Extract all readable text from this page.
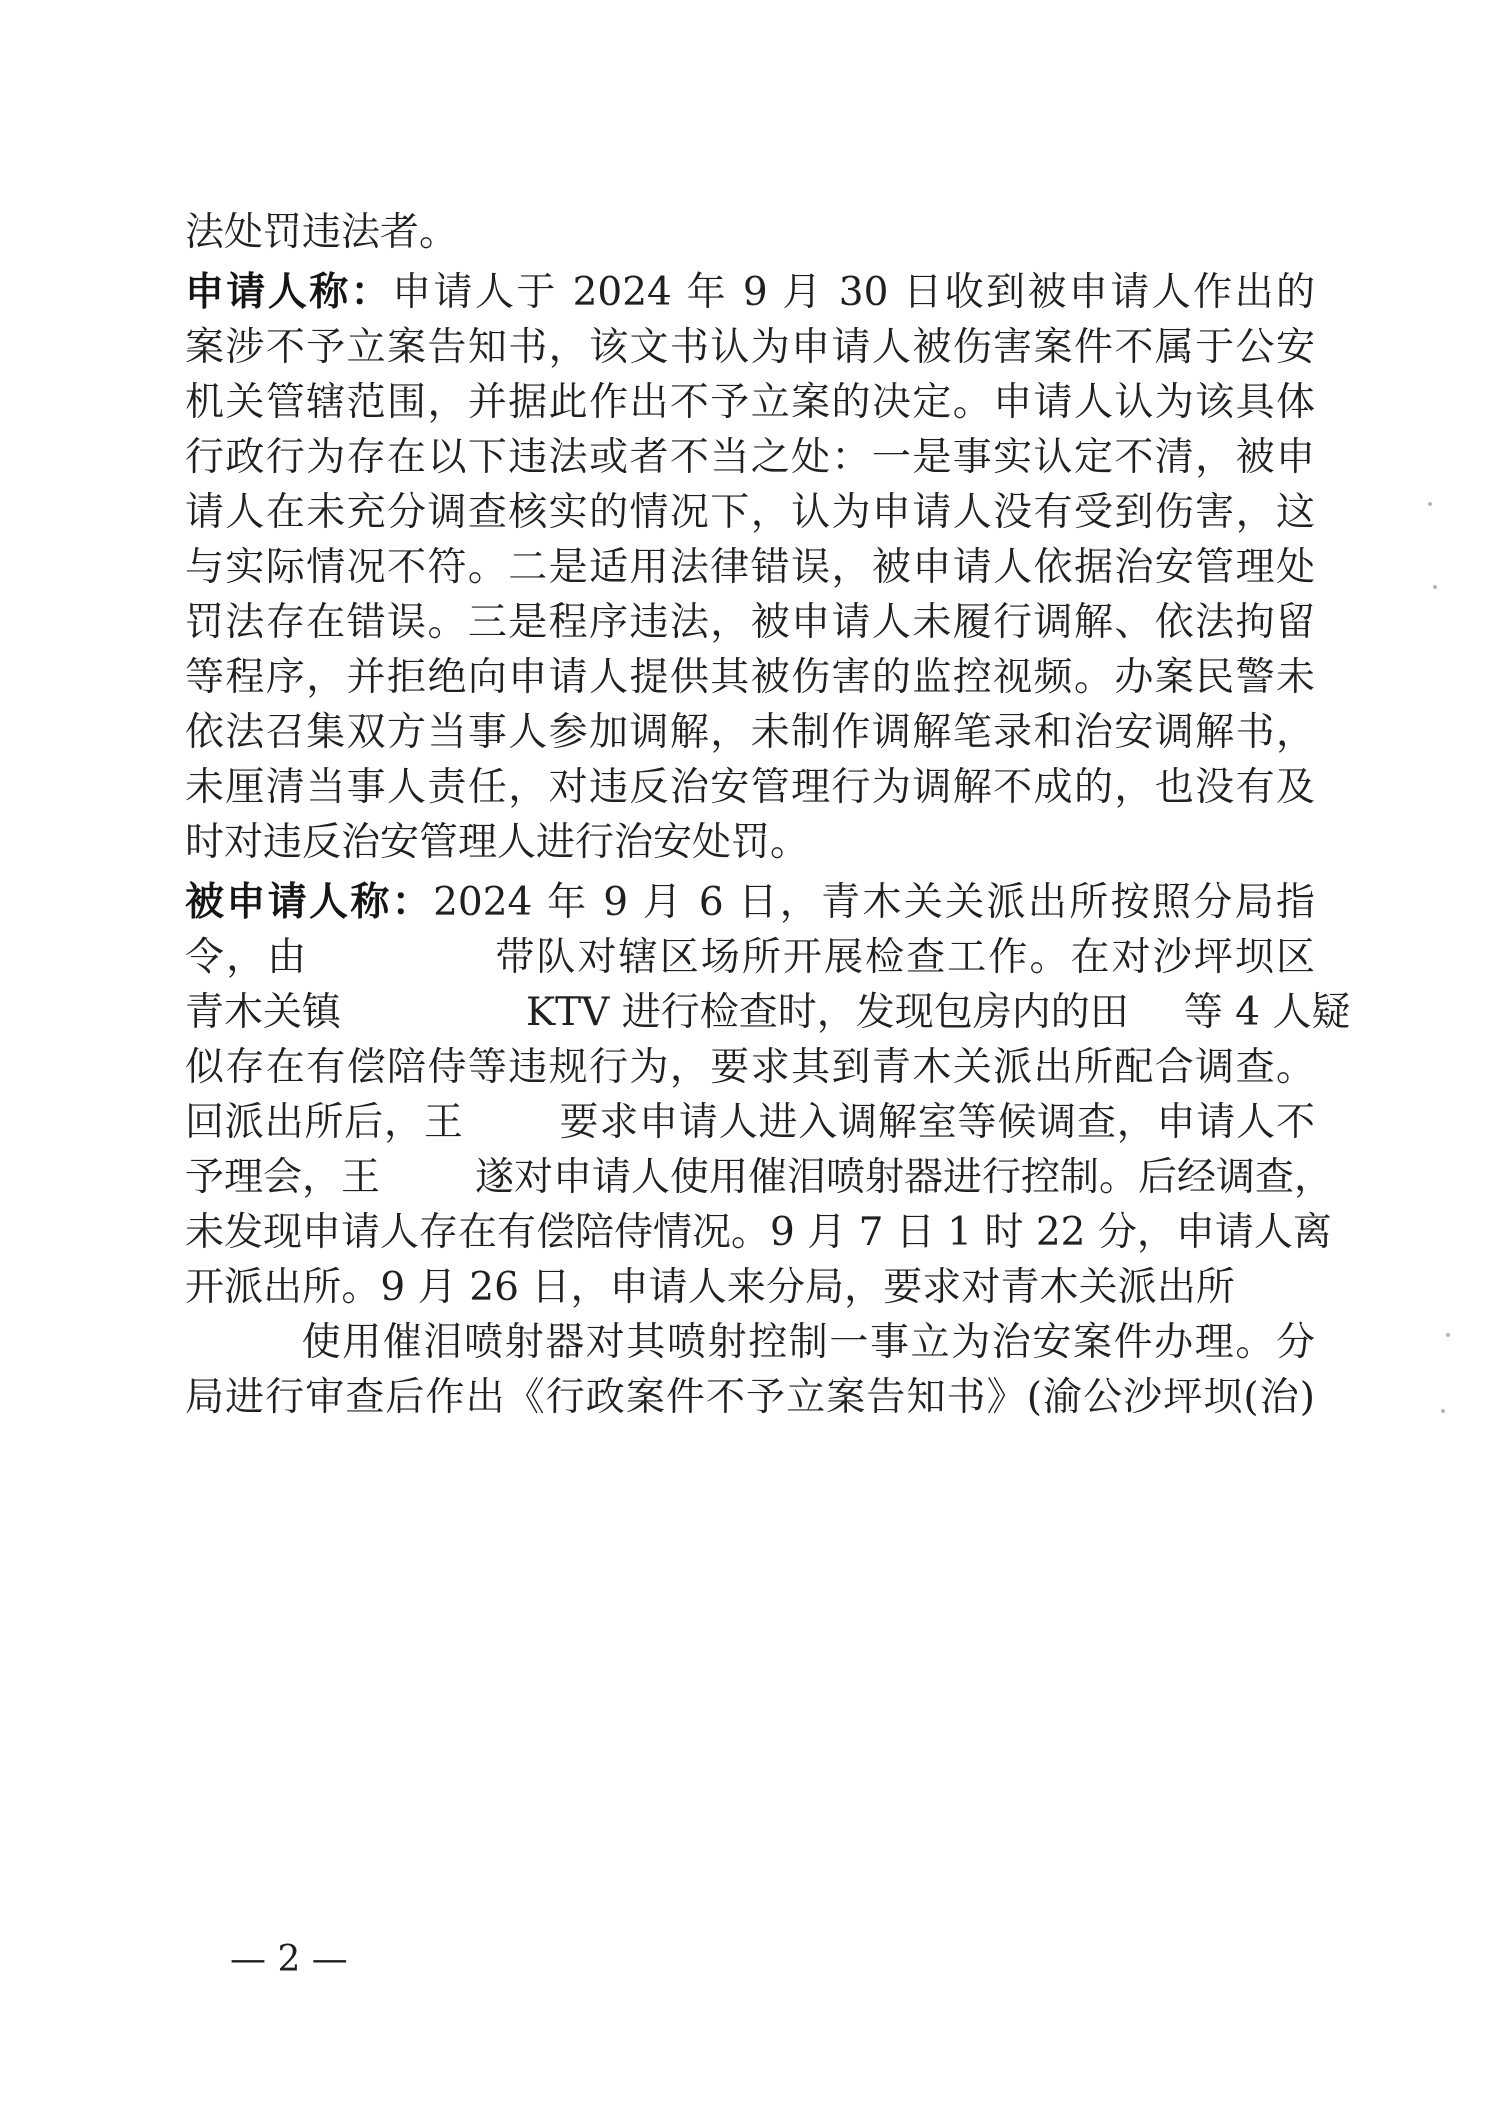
法处罚违法者。
申请人称：申请人于 2024 年 9 月 30 日收到被申请人作出的
案涉不予立案告知书，该文书认为申请人被伤害案件不属于公安
机关管辖范围，并据此作出不予立案的决定。申请人认为该具体
行政行为存在以下违法或者不当之处：一是事实认定不清，被申
请人在未充分调查核实的情况下，认为申请人没有受到伤害，这
与实际情况不符。二是适用法律错误，被申请人依据治安管理处
罚法存在错误。三是程序违法，被申请人未履行调解、依法拘留
等程序，并拒绝向申请人提供其被伤害的监控视频。办案民警未
依法召集双方当事人参加调解，未制作调解笔录和治安调解书，
未厘清当事人责任，对违反治安管理行为调解不成的，也没有及
时对违反治安管理人进行治安处罚。
被申请人称：2024 年 9 月 6 日，青木关关派出所按照分局指
令，由	带队对辖区场所开展检查工作。在对沙坪坝区
青木关镇	KTV 进行检查时，发现包房内的田 等 4 人疑
似存在有偿陪侍等违规行为，要求其到青木关派出所配合调查。
回派出所后，王 要求申请人进入调解室等候调查，申请人不
予理会，王 遂对申请人使用催泪喷射器进行控制。后经调查，
未发现申请人存在有偿陪侍情况。9 月 7 日 1 时 22 分，申请人离
开派出所。9 月 26 日，申请人来分局，要求对青木关派出所
使用催泪喷射器对其喷射控制一事立为治安案件办理。分
局进行审查后作出《行政案件不予立案告知书》(渝公沙坪坝(治)
— 2 —
